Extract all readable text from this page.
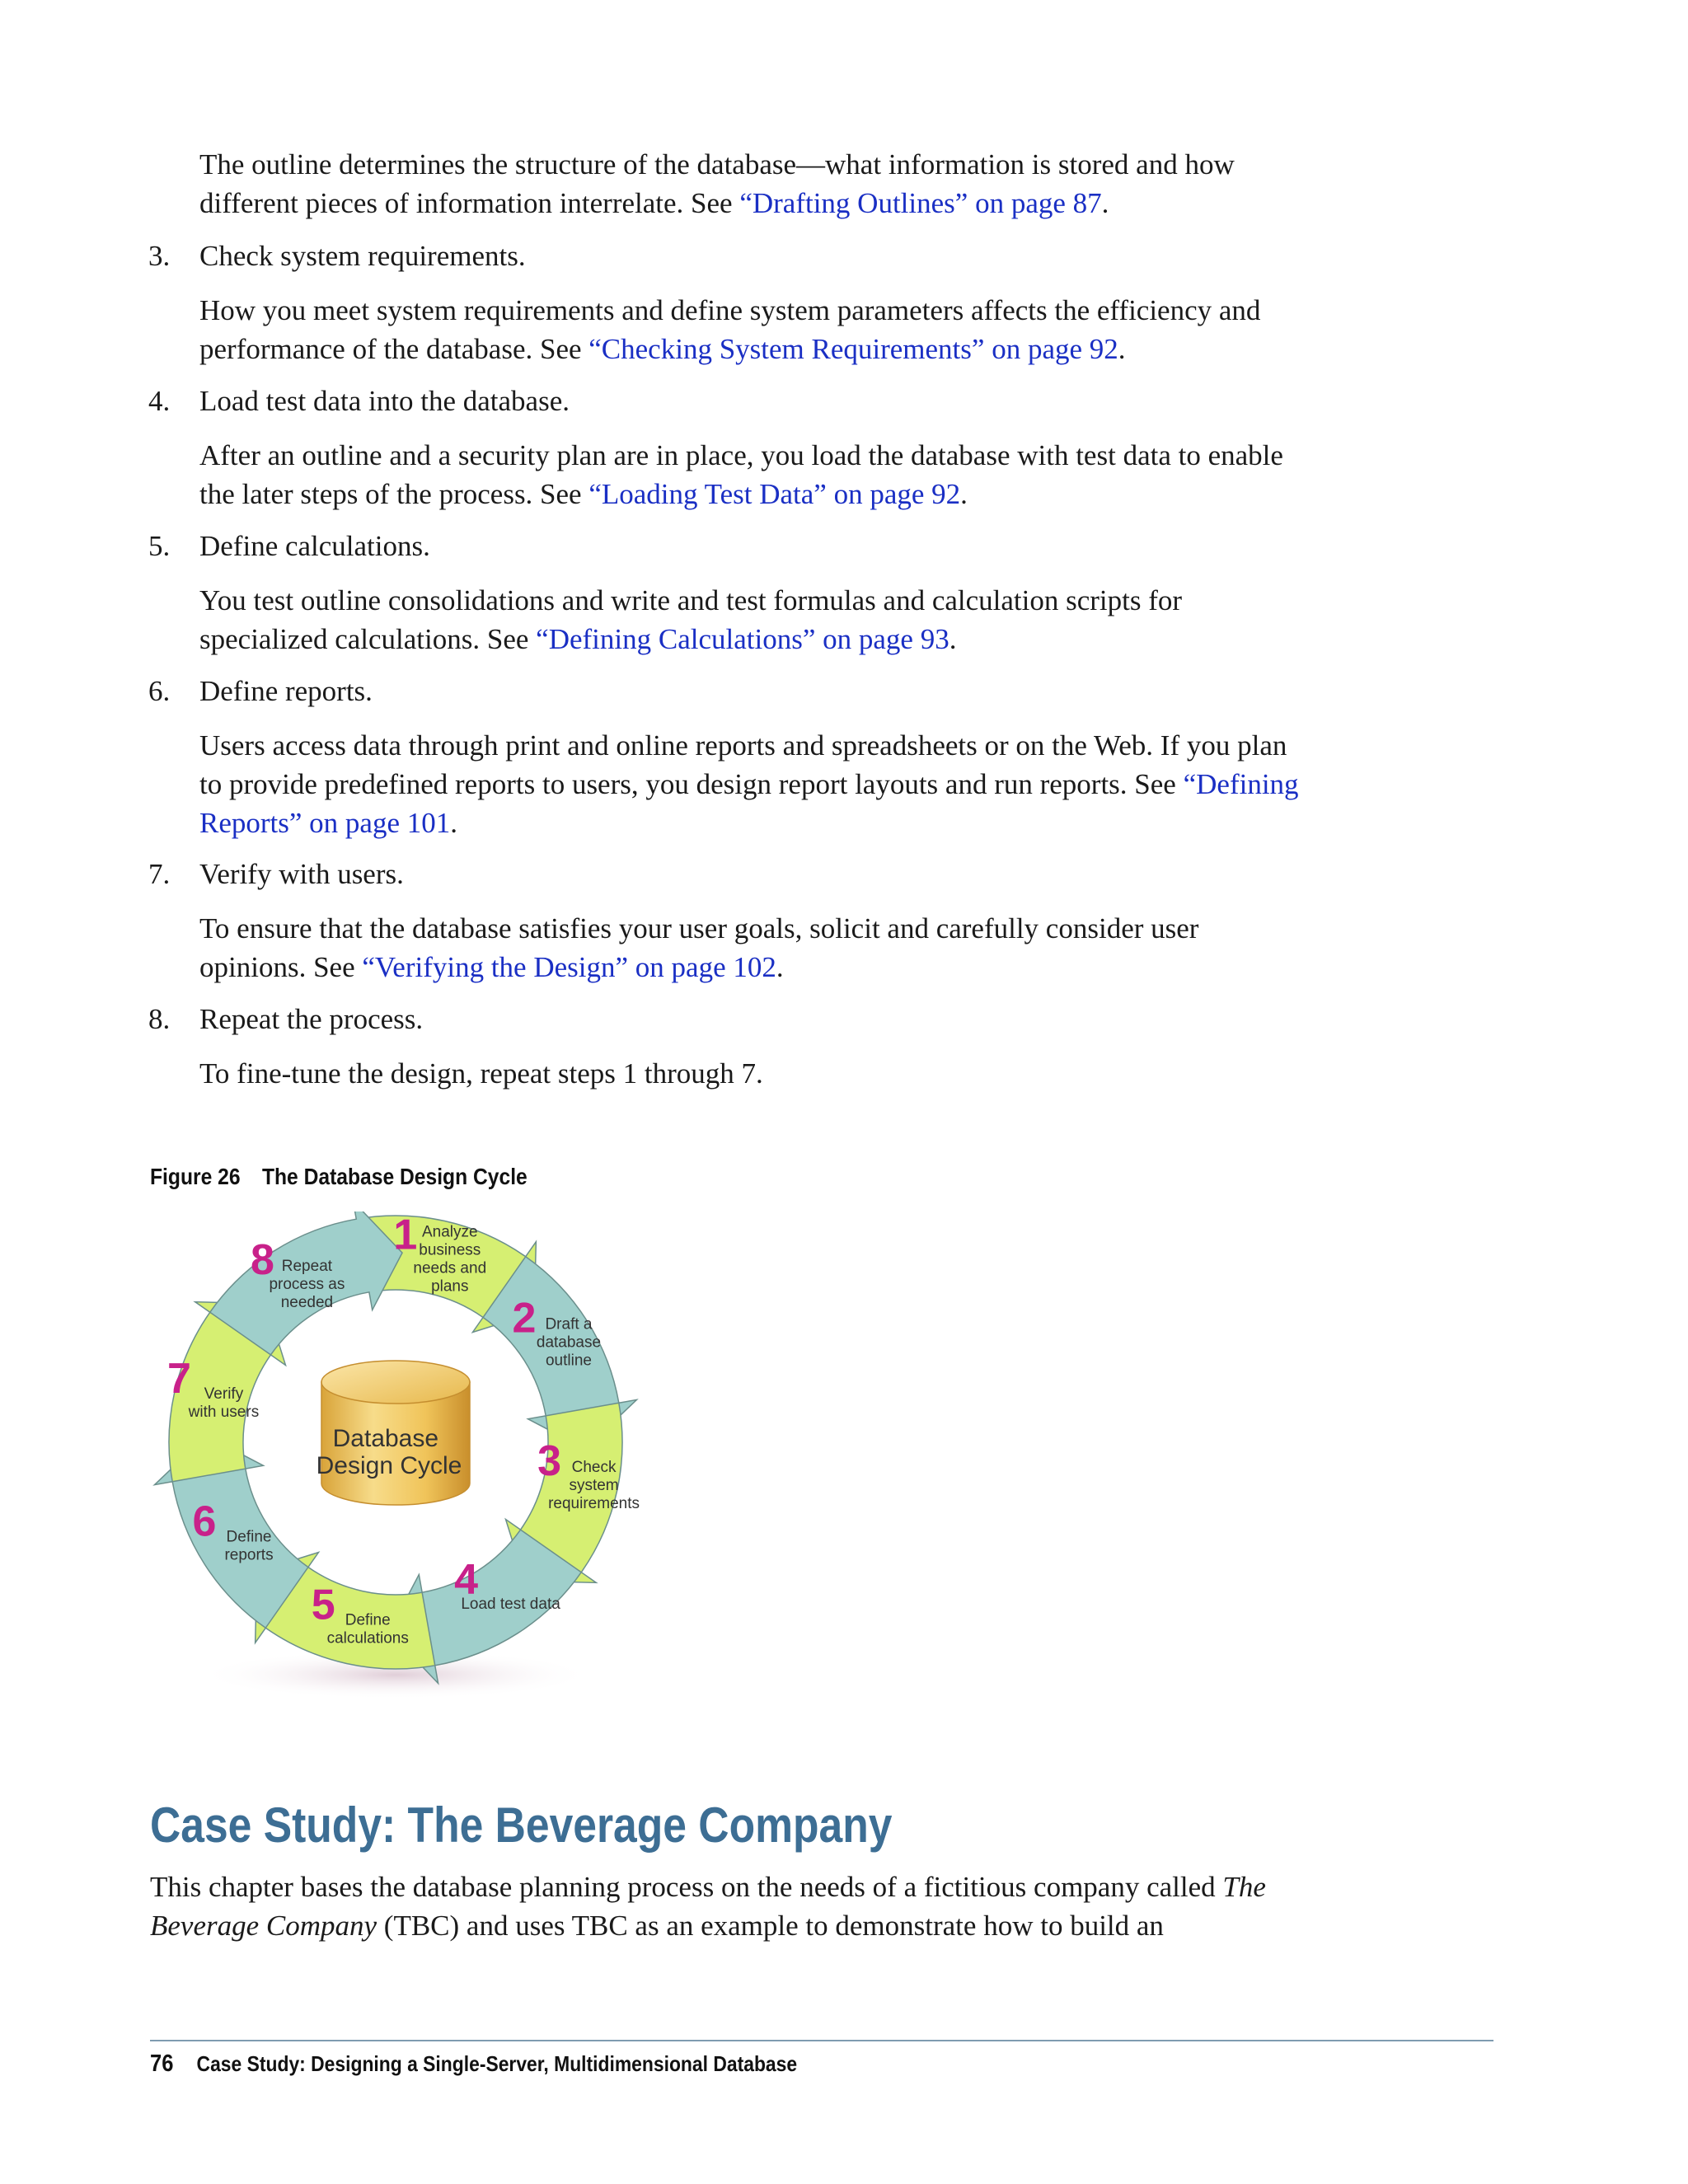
The outline determines the structure of the database—what information is stored and how different pieces of information interrelate. See “Drafting Outlines” on page 87.

3. Check system requirements.

How you meet system requirements and define system parameters affects the efficiency and performance of the database. See “Checking System Requirements” on page 92.

4. Load test data into the database.

After an outline and a security plan are in place, you load the database with test data to enable the later steps of the process. See “Loading Test Data” on page 92.

5. Define calculations.

You test outline consolidations and write and test formulas and calculation scripts for specialized calculations. See “Defining Calculations” on page 93.

6. Define reports.

Users access data through print and online reports and spreadsheets or on the Web. If you plan to provide predefined reports to users, you design report layouts and run reports. See “Defining Reports” on page 101.

7. Verify with users.

To ensure that the database satisfies your user goals, solicit and carefully consider user opinions. See “Verifying the Design” on page 102.

8. Repeat the process.

To fine-tune the design, repeat steps 1 through 7.

Figure 26 The Database Design Cycle
Database Design Cycle
1 Analyze business needs and plans
2 Draft a database outline
3 Check system requirements
4
Load test data
5 Define calculations
6 Define reports
7 Verify with users
8 Repeat process as needed
Case Study: The Beverage Company

This chapter bases the database planning process on the needs of a fictitious company called The Beverage Company (TBC) and uses TBC as an example to demonstrate how to build an

76 Case Study: Designing a Single-Server, Multidimensional Database
